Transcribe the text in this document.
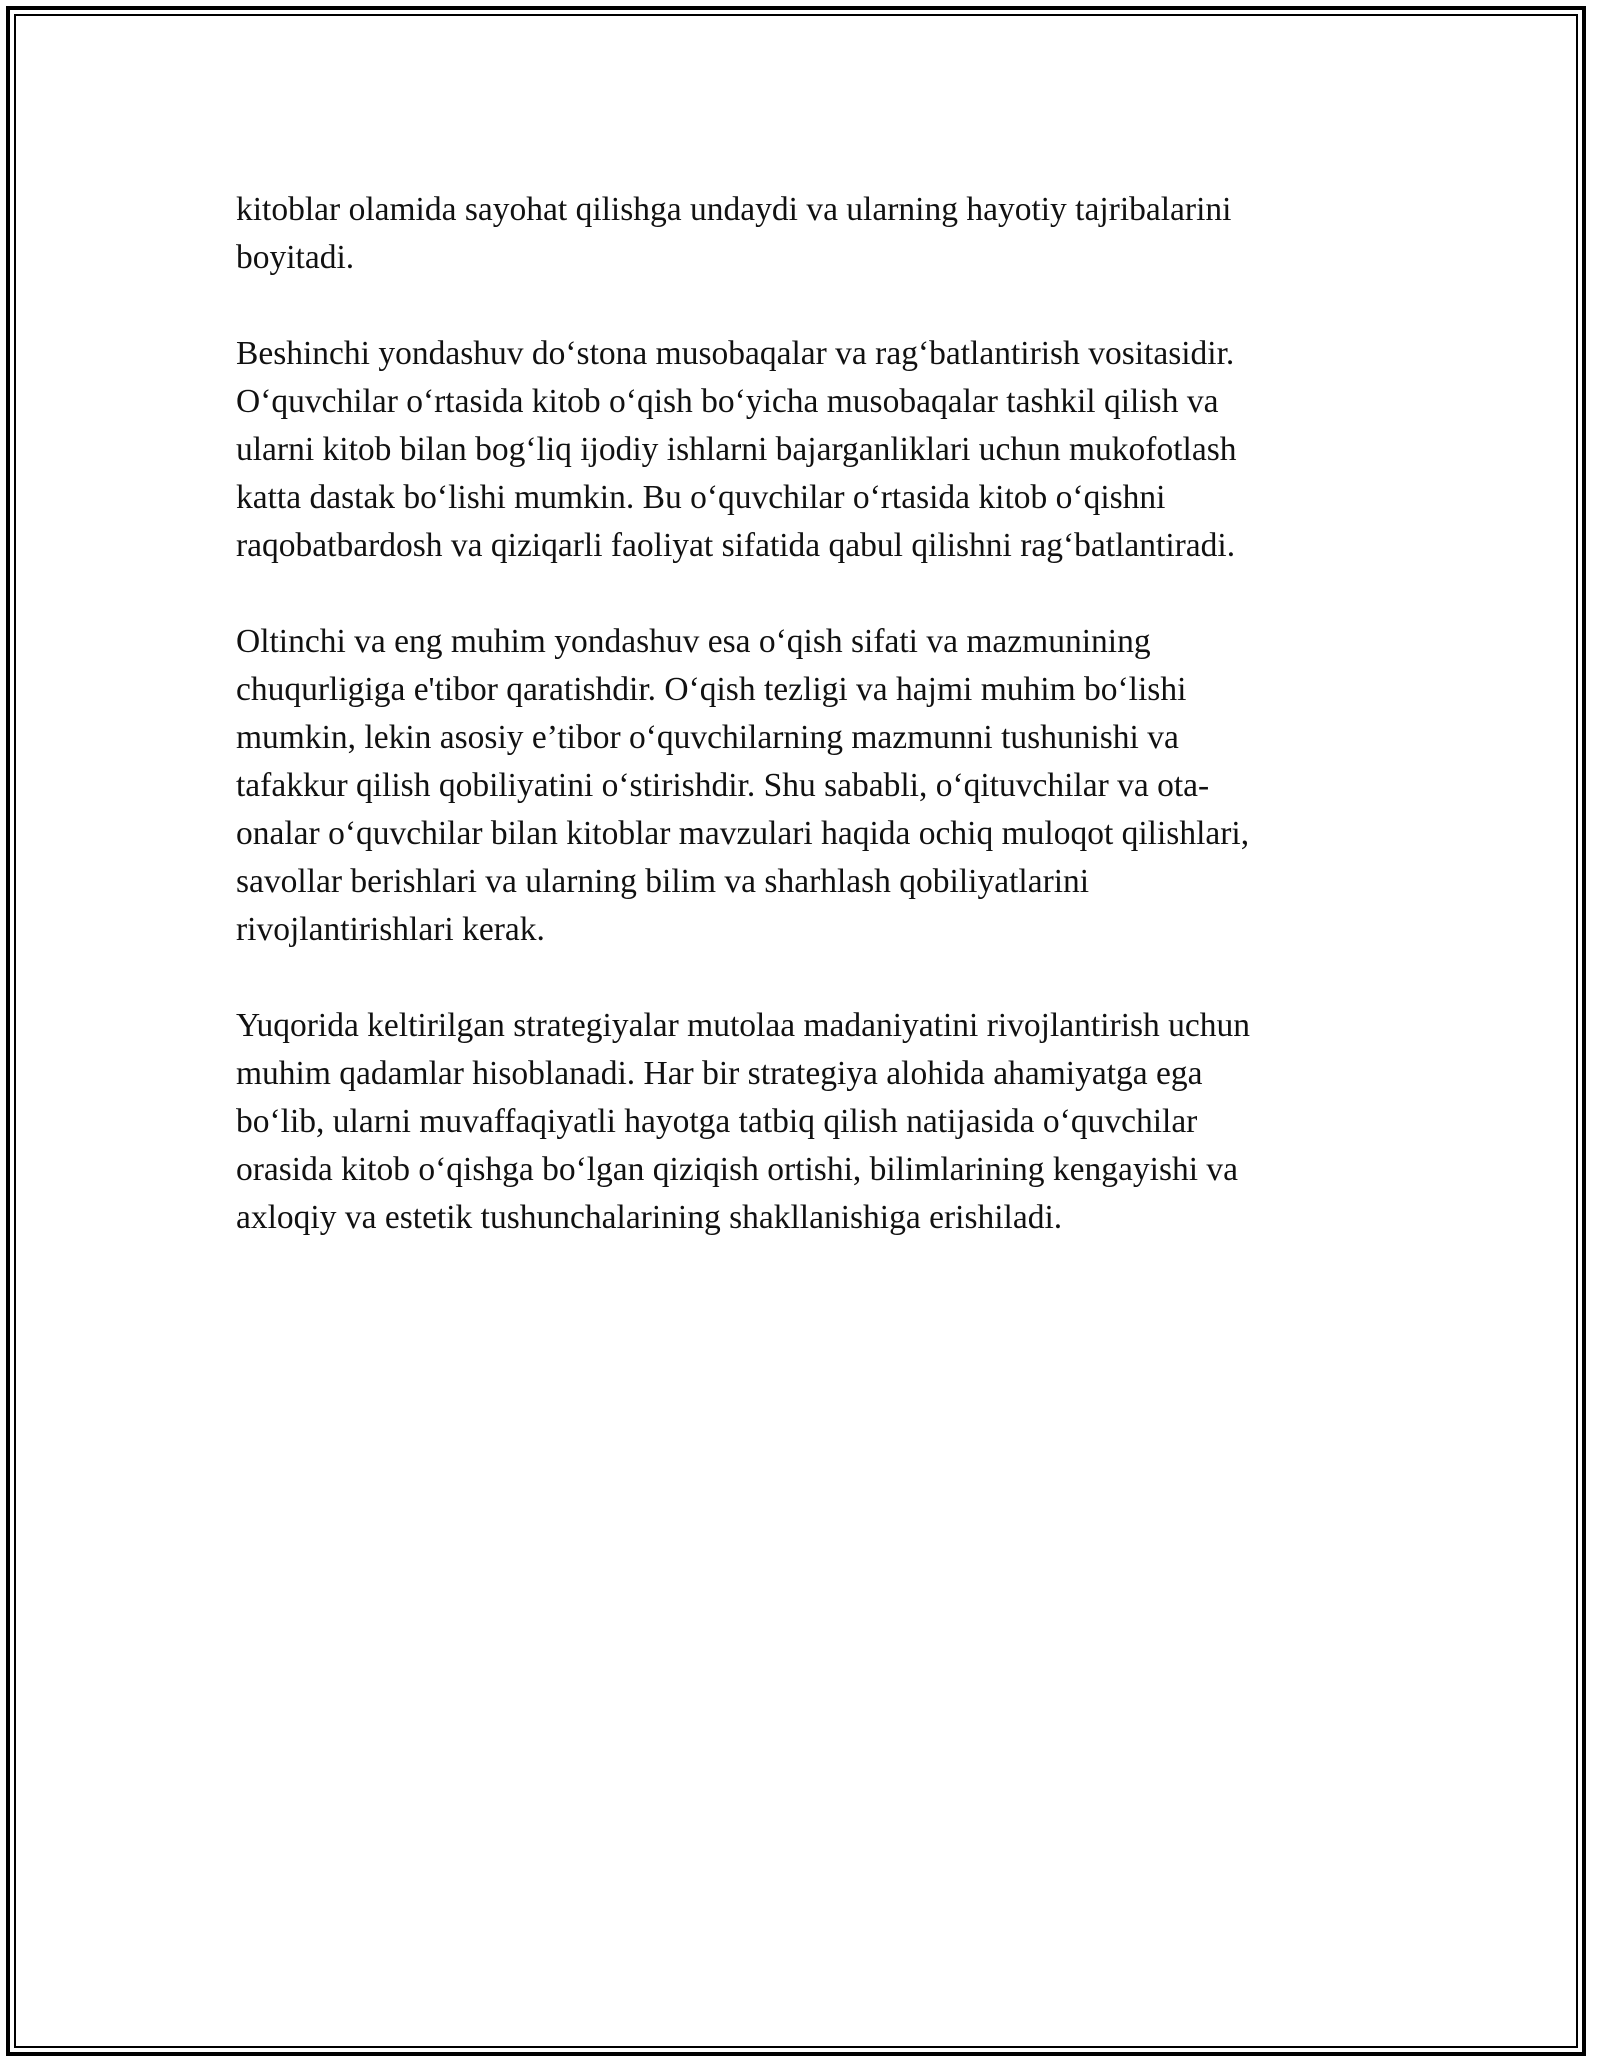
kitoblar olamida sayohat qilishga undaydi va ularning hayotiy tajribalarini
boyitadi.

Beshinchi yondashuv do‘stona musobaqalar va rag‘batlantirish vositasidir.
O‘quvchilar o‘rtasida kitob o‘qish bo‘yicha musobaqalar tashkil qilish va
ularni kitob bilan bog‘liq ijodiy ishlarni bajarganliklari uchun mukofotlash
katta dastak bo‘lishi mumkin. Bu o‘quvchilar o‘rtasida kitob o‘qishni
raqobatbardosh va qiziqarli faoliyat sifatida qabul qilishni rag‘batlantiradi.

Oltinchi va eng muhim yondashuv esa o‘qish sifati va mazmunining
chuqurligiga e'tibor qaratishdir. O‘qish tezligi va hajmi muhim bo‘lishi
mumkin, lekin asosiy e’tibor o‘quvchilarning mazmunni tushunishi va
tafakkur qilish qobiliyatini o‘stirishdir. Shu sababli, o‘qituvchilar va ota-
onalar o‘quvchilar bilan kitoblar mavzulari haqida ochiq muloqot qilishlari,
savollar berishlari va ularning bilim va sharhlash qobiliyatlarini
rivojlantirishlari kerak.

Yuqorida keltirilgan strategiyalar mutolaa madaniyatini rivojlantirish uchun
muhim qadamlar hisoblanadi. Har bir strategiya alohida ahamiyatga ega
bo‘lib, ularni muvaffaqiyatli hayotga tatbiq qilish natijasida o‘quvchilar
orasida kitob o‘qishga bo‘lgan qiziqish ortishi, bilimlarining kengayishi va
axloqiy va estetik tushunchalarining shakllanishiga erishiladi.
